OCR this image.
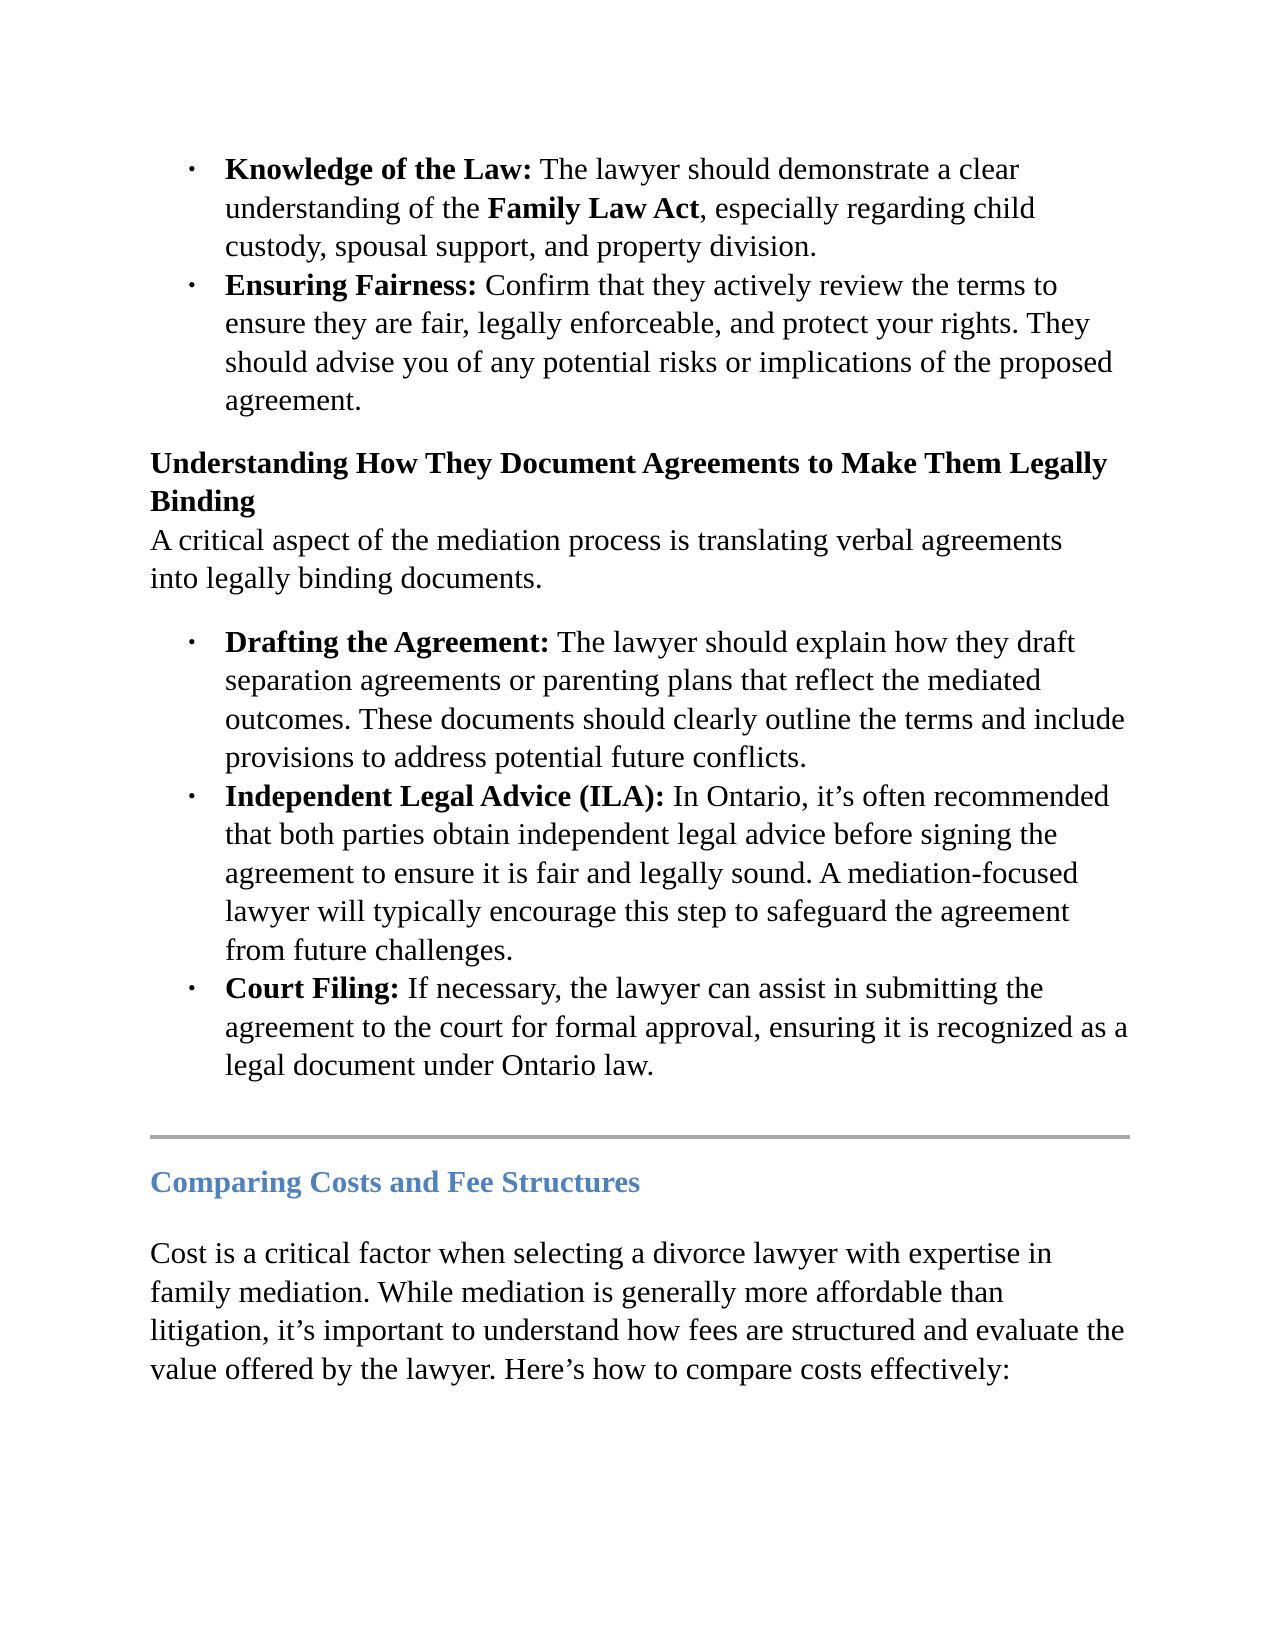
• Knowledge of the Law: The lawyer should demonstrate a clear understanding of the Family Law Act, especially regarding child custody, spousal support, and property division.
• Ensuring Fairness: Confirm that they actively review the terms to ensure they are fair, legally enforceable, and protect your rights. They should advise you of any potential risks or implications of the proposed agreement.
Understanding How They Document Agreements to Make Them Legally Binding

A critical aspect of the mediation process is translating verbal agreements into legally binding documents.

• Drafting the Agreement: The lawyer should explain how they draft separation agreements or parenting plans that reflect the mediated outcomes. These documents should clearly outline the terms and include provisions to address potential future conflicts.
• Independent Legal Advice (ILA): In Ontario, it’s often recommended that both parties obtain independent legal advice before signing the agreement to ensure it is fair and legally sound. A mediation-focused lawyer will typically encourage this step to safeguard the agreement from future challenges.
• Court Filing: If necessary, the lawyer can assist in submitting the agreement to the court for formal approval, ensuring it is recognized as a legal document under Ontario law.
Comparing Costs and Fee Structures

Cost is a critical factor when selecting a divorce lawyer with expertise in family mediation. While mediation is generally more affordable than litigation, it’s important to understand how fees are structured and evaluate the value offered by the lawyer. Here’s how to compare costs effectively:
